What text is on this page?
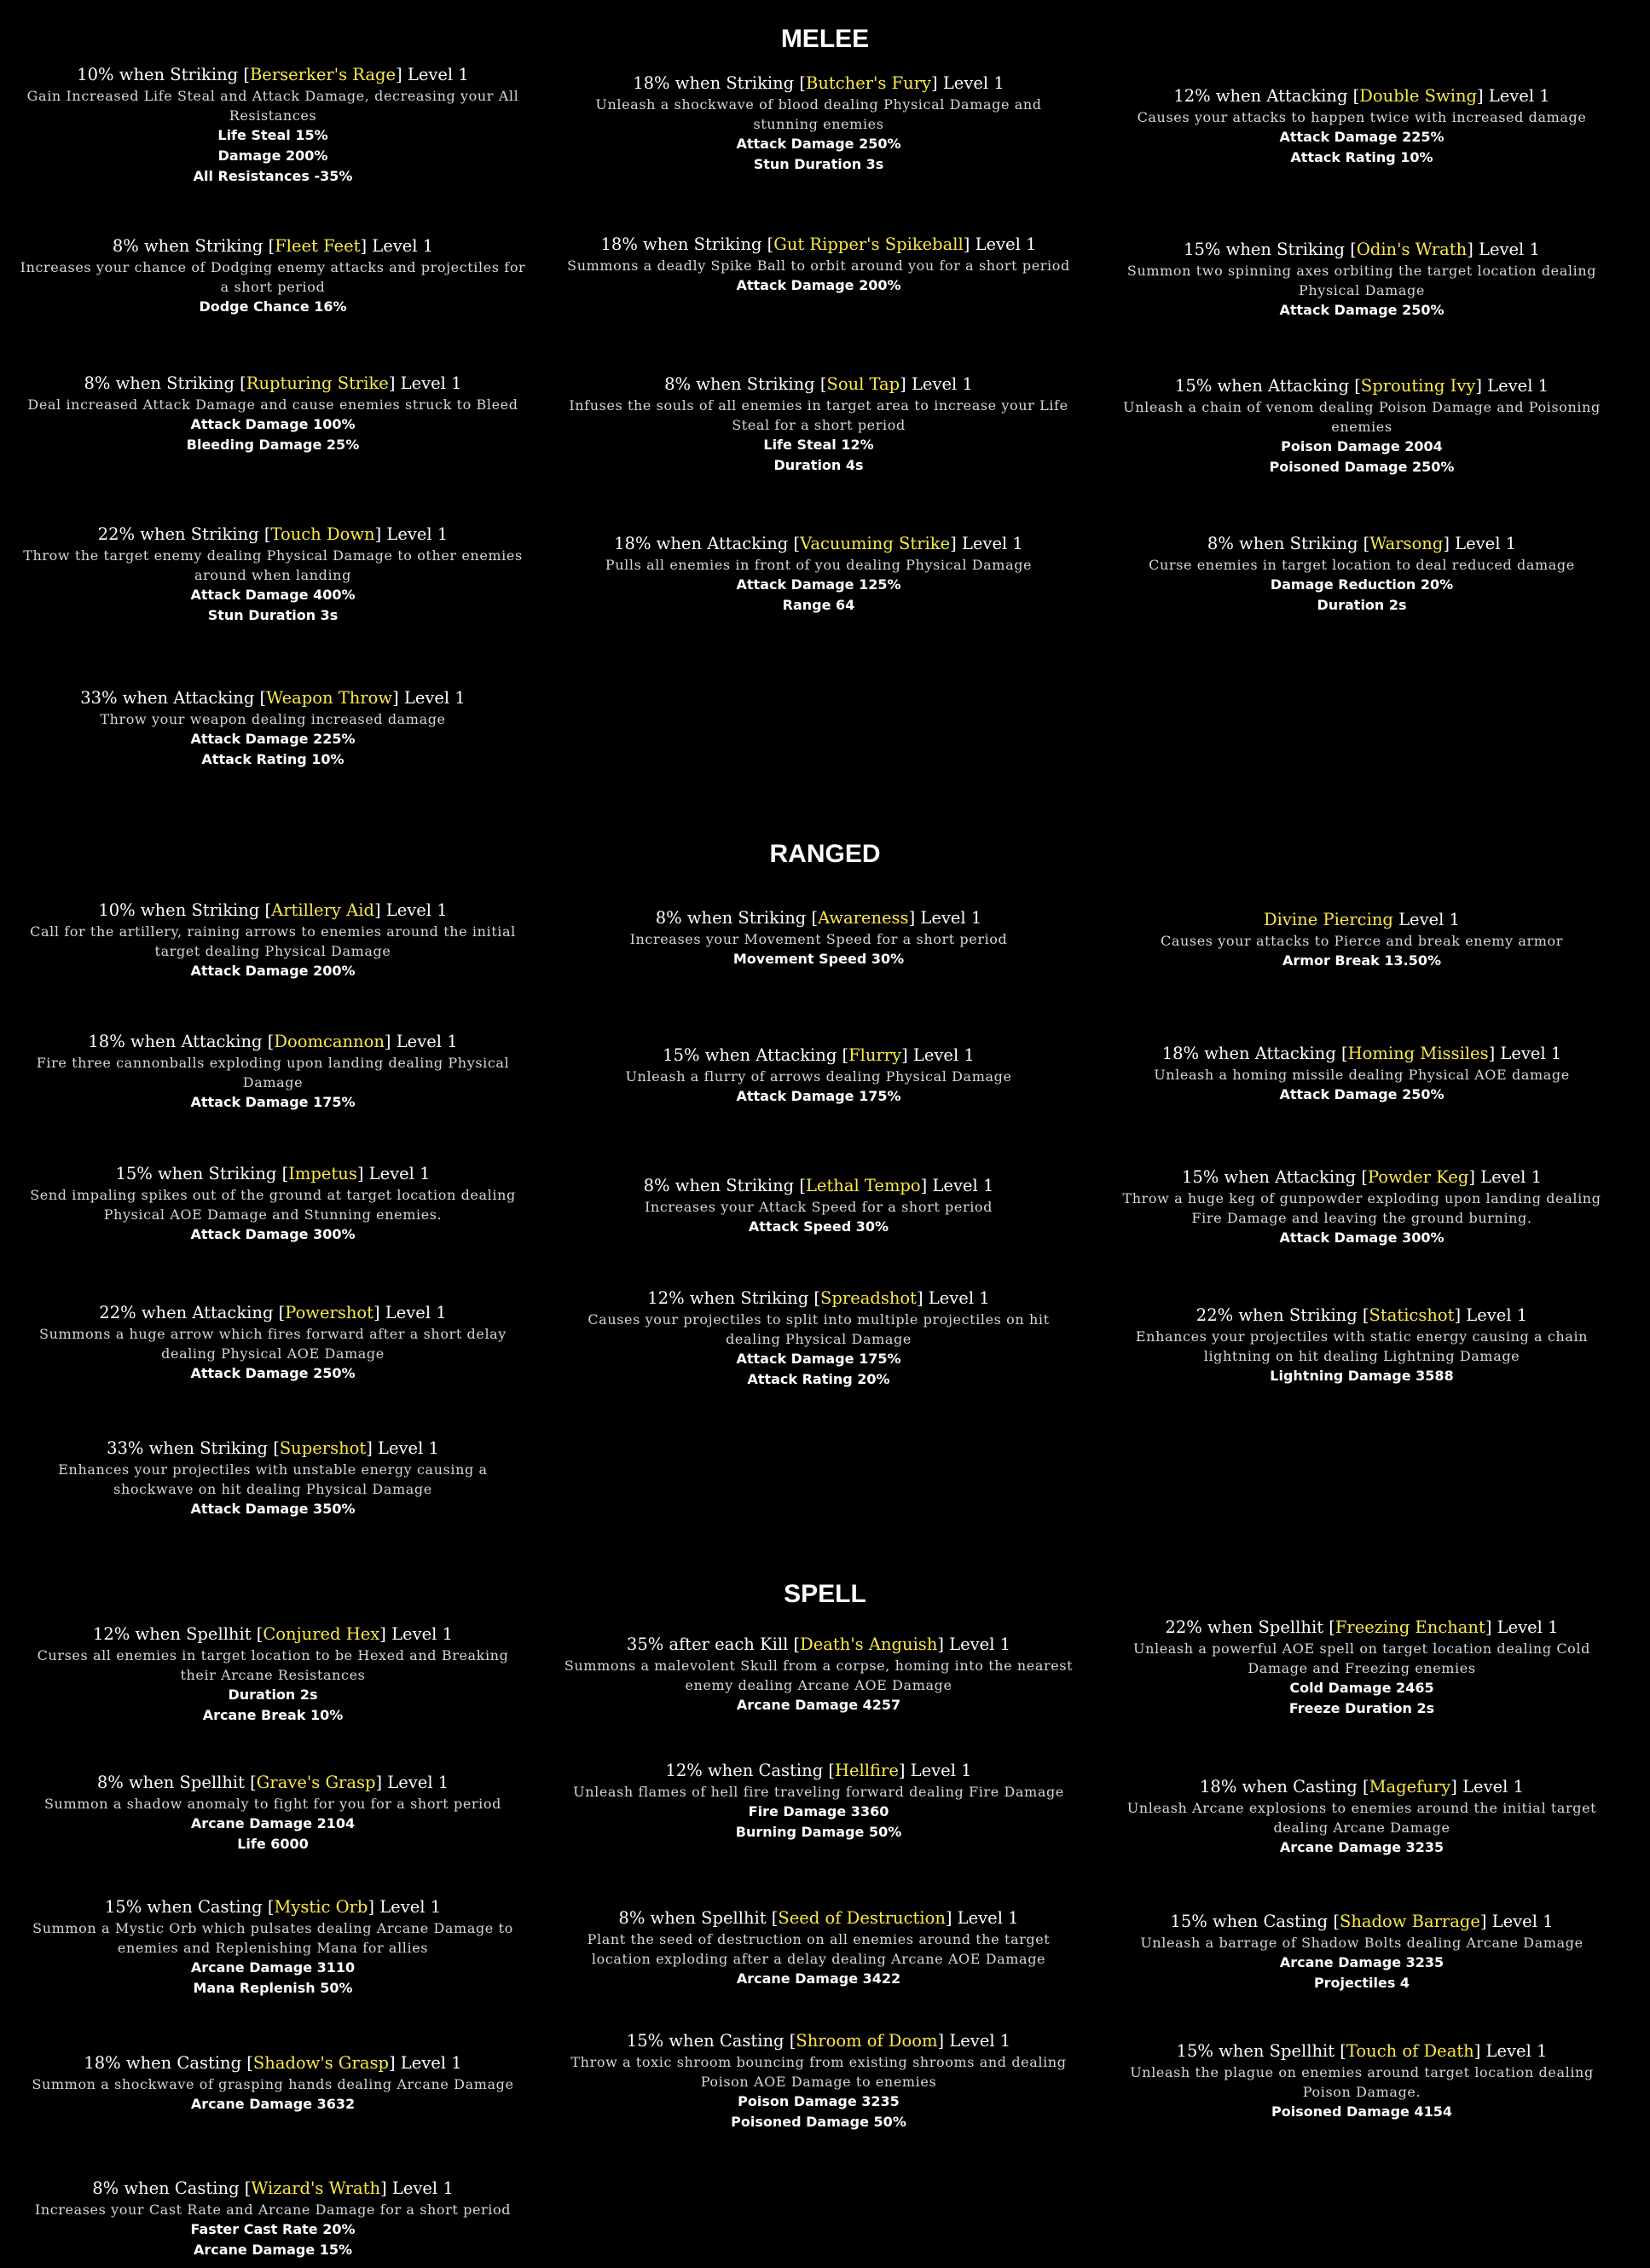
MELEE
10% when Striking [Berserker's Rage] Level 1
Gain Increased Life Steal and Attack Damage, decreasing your All Resistances
Life Steal 15%
Damage 200%
All Resistances -35%
18% when Striking [Butcher's Fury] Level 1
Unleash a shockwave of blood dealing Physical Damage and stunning enemies
Attack Damage 250%
Stun Duration 3s
12% when Attacking [Double Swing] Level 1
Causes your attacks to happen twice with increased damage
Attack Damage 225%
Attack Rating 10%
8% when Striking [Fleet Feet] Level 1
Increases your chance of Dodging enemy attacks and projectiles for a short period
Dodge Chance 16%
18% when Striking [Gut Ripper's Spikeball] Level 1
Summons a deadly Spike Ball to orbit around you for a short period
Attack Damage 200%
15% when Striking [Odin's Wrath] Level 1
Summon two spinning axes orbiting the target location dealing Physical Damage
Attack Damage 250%
8% when Striking [Rupturing Strike] Level 1
Deal increased Attack Damage and cause enemies struck to Bleed
Attack Damage 100%
Bleeding Damage 25%
8% when Striking [Soul Tap] Level 1
Infuses the souls of all enemies in target area to increase your Life Steal for a short period
Life Steal 12%
Duration 4s
15% when Attacking [Sprouting Ivy] Level 1
Unleash a chain of venom dealing Poison Damage and Poisoning enemies
Poison Damage 2004
Poisoned Damage 250%
22% when Striking [Touch Down] Level 1
Throw the target enemy dealing Physical Damage to other enemies around when landing
Attack Damage 400%
Stun Duration 3s
18% when Attacking [Vacuuming Strike] Level 1
Pulls all enemies in front of you dealing Physical Damage
Attack Damage 125%
Range 64
8% when Striking [Warsong] Level 1
Curse enemies in target location to deal reduced damage
Damage Reduction 20%
Duration 2s
33% when Attacking [Weapon Throw] Level 1
Throw your weapon dealing increased damage
Attack Damage 225%
Attack Rating 10%
RANGED
10% when Striking [Artillery Aid] Level 1
Call for the artillery, raining arrows to enemies around the initial target dealing Physical Damage
Attack Damage 200%
8% when Striking [Awareness] Level 1
Increases your Movement Speed for a short period
Movement Speed 30%
Divine Piercing Level 1
Causes your attacks to Pierce and break enemy armor
Armor Break 13.50%
18% when Attacking [Doomcannon] Level 1
Fire three cannonballs exploding upon landing dealing Physical Damage
Attack Damage 175%
15% when Attacking [Flurry] Level 1
Unleash a flurry of arrows dealing Physical Damage
Attack Damage 175%
18% when Attacking [Homing Missiles] Level 1
Unleash a homing missile dealing Physical AOE damage
Attack Damage 250%
15% when Striking [Impetus] Level 1
Send impaling spikes out of the ground at target location dealing Physical AOE Damage and Stunning enemies.
Attack Damage 300%
8% when Striking [Lethal Tempo] Level 1
Increases your Attack Speed for a short period
Attack Speed 30%
15% when Attacking [Powder Keg] Level 1
Throw a huge keg of gunpowder exploding upon landing dealing Fire Damage and leaving the ground burning.
Attack Damage 300%
22% when Attacking [Powershot] Level 1
Summons a huge arrow which fires forward after a short delay dealing Physical AOE Damage
Attack Damage 250%
12% when Striking [Spreadshot] Level 1
Causes your projectiles to split into multiple projectiles on hit dealing Physical Damage
Attack Damage 175%
Attack Rating 20%
22% when Striking [Staticshot] Level 1
Enhances your projectiles with static energy causing a chain lightning on hit dealing Lightning Damage
Lightning Damage 3588
33% when Striking [Supershot] Level 1
Enhances your projectiles with unstable energy causing a shockwave on hit dealing Physical Damage
Attack Damage 350%
SPELL
12% when Spellhit [Conjured Hex] Level 1
Curses all enemies in target location to be Hexed and Breaking their Arcane Resistances
Duration 2s
Arcane Break 10%
35% after each Kill [Death's Anguish] Level 1
Summons a malevolent Skull from a corpse, homing into the nearest enemy dealing Arcane AOE Damage
Arcane Damage 4257
22% when Spellhit [Freezing Enchant] Level 1
Unleash a powerful AOE spell on target location dealing Cold Damage and Freezing enemies
Cold Damage 2465
Freeze Duration 2s
8% when Spellhit [Grave's Grasp] Level 1
Summon a shadow anomaly to fight for you for a short period
Arcane Damage 2104
Life 6000
12% when Casting [Hellfire] Level 1
Unleash flames of hell fire traveling forward dealing Fire Damage
Fire Damage 3360
Burning Damage 50%
18% when Casting [Magefury] Level 1
Unleash Arcane explosions to enemies around the initial target dealing Arcane Damage
Arcane Damage 3235
15% when Casting [Mystic Orb] Level 1
Summon a Mystic Orb which pulsates dealing Arcane Damage to enemies and Replenishing Mana for allies
Arcane Damage 3110
Mana Replenish 50%
8% when Spellhit [Seed of Destruction] Level 1
Plant the seed of destruction on all enemies around the target location exploding after a delay dealing Arcane AOE Damage
Arcane Damage 3422
15% when Casting [Shadow Barrage] Level 1
Unleash a barrage of Shadow Bolts dealing Arcane Damage
Arcane Damage 3235
Projectiles 4
18% when Casting [Shadow's Grasp] Level 1
Summon a shockwave of grasping hands dealing Arcane Damage
Arcane Damage 3632
15% when Casting [Shroom of Doom] Level 1
Throw a toxic shroom bouncing from existing shrooms and dealing Poison AOE Damage to enemies
Poison Damage 3235
Poisoned Damage 50%
15% when Spellhit [Touch of Death] Level 1
Unleash the plague on enemies around target location dealing Poison Damage.
Poisoned Damage 4154
8% when Casting [Wizard's Wrath] Level 1
Increases your Cast Rate and Arcane Damage for a short period
Faster Cast Rate 20%
Arcane Damage 15%
